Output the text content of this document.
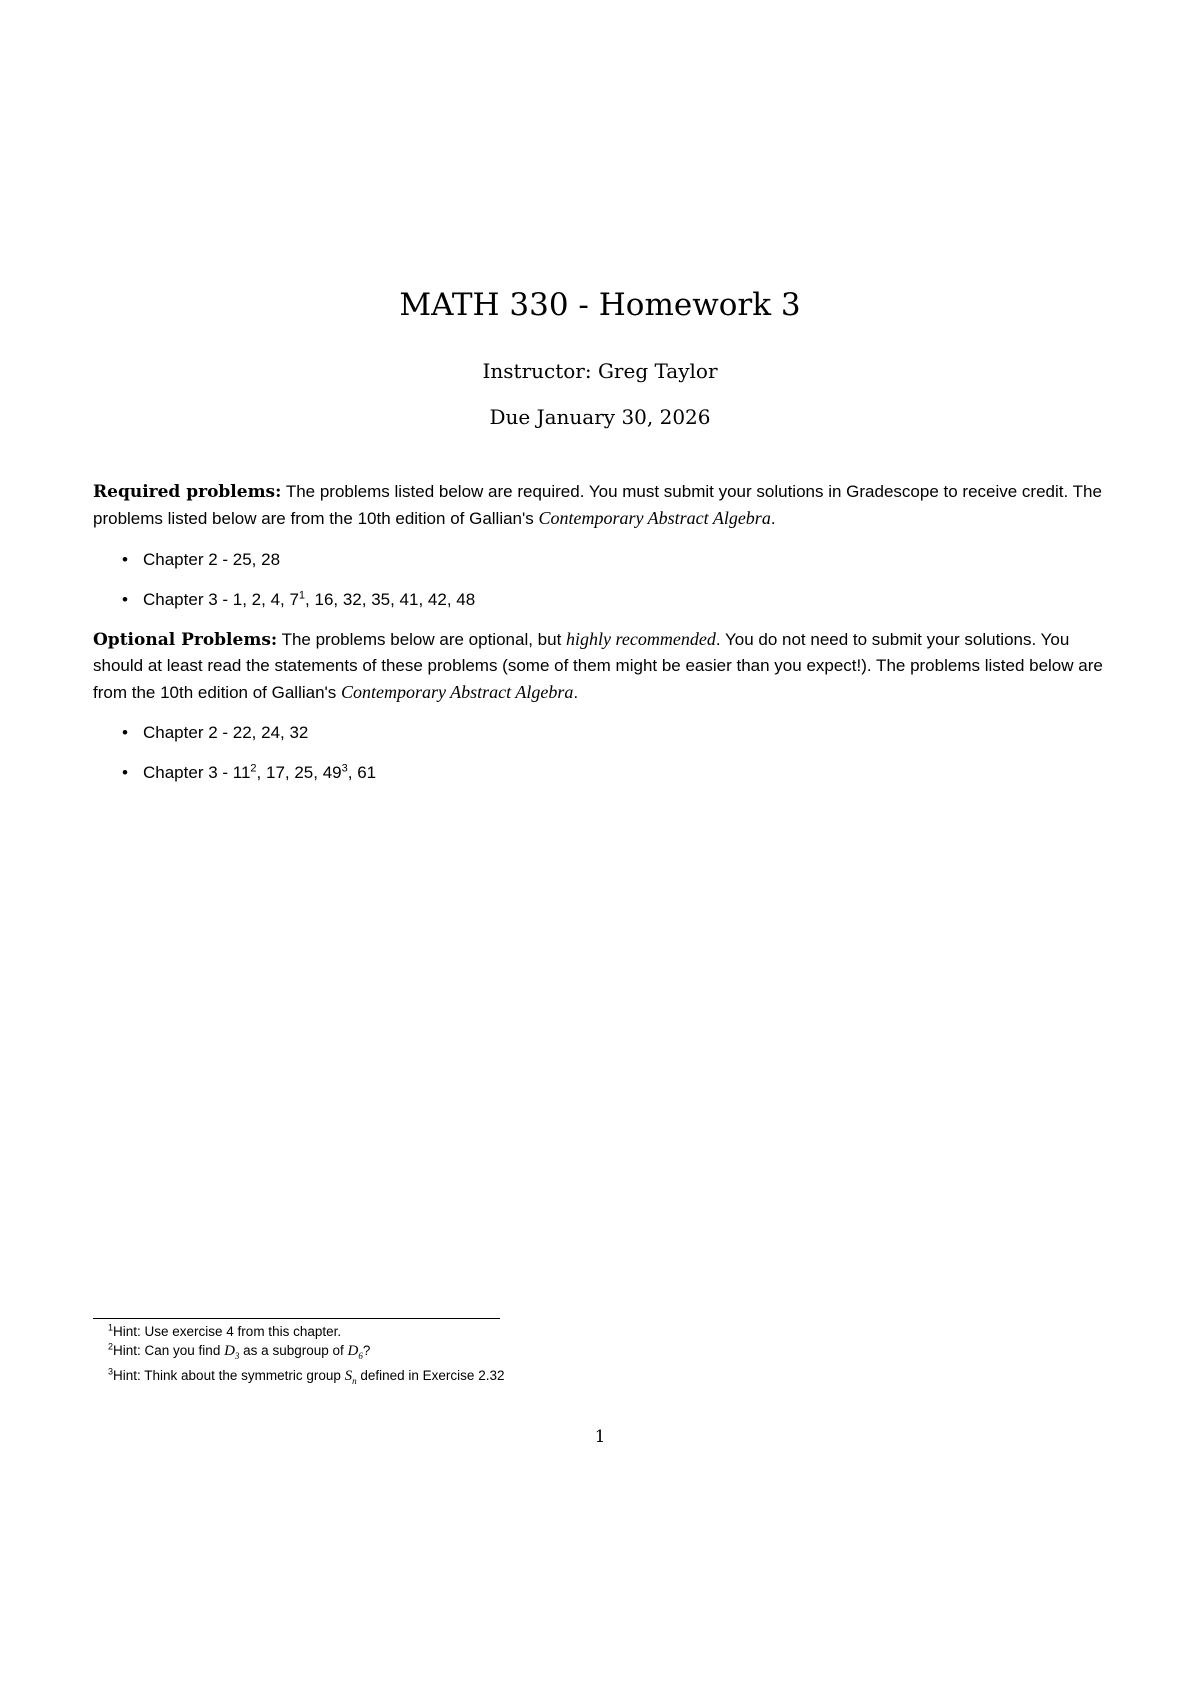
MATH 330 - Homework 3
Instructor: Greg Taylor
Due January 30, 2026
Required problems: The problems listed below are required. You must submit your solutions in Gradescope to receive credit. The problems listed below are from the 10th edition of Gallian's Contemporary Abstract Algebra.
• Chapter 2 - 25, 28
• Chapter 3 - 1, 2, 4, $7^1$, 16, 32, 35, 41, 42, 48
Optional Problems: The problems below are optional, but highly recommended. You do not need to submit your solutions. You should at least read the statements of these problems (some of them might be easier than you expect!). The problems listed below are from the 10th edition of Gallian's Contemporary Abstract Algebra.
• Chapter 2 - 22, 24, 32
• Chapter $3 - 11^2$, 17, 25, $49^3$, 61
$^1$Hint: Use exercise 4 from this chapter.
$^2$Hint: Can you find $D_3$ as a subgroup of $D_6$?
$^3$Hint: Think about the symmetric group $S_n$ defined in Exercise 2.32
1
